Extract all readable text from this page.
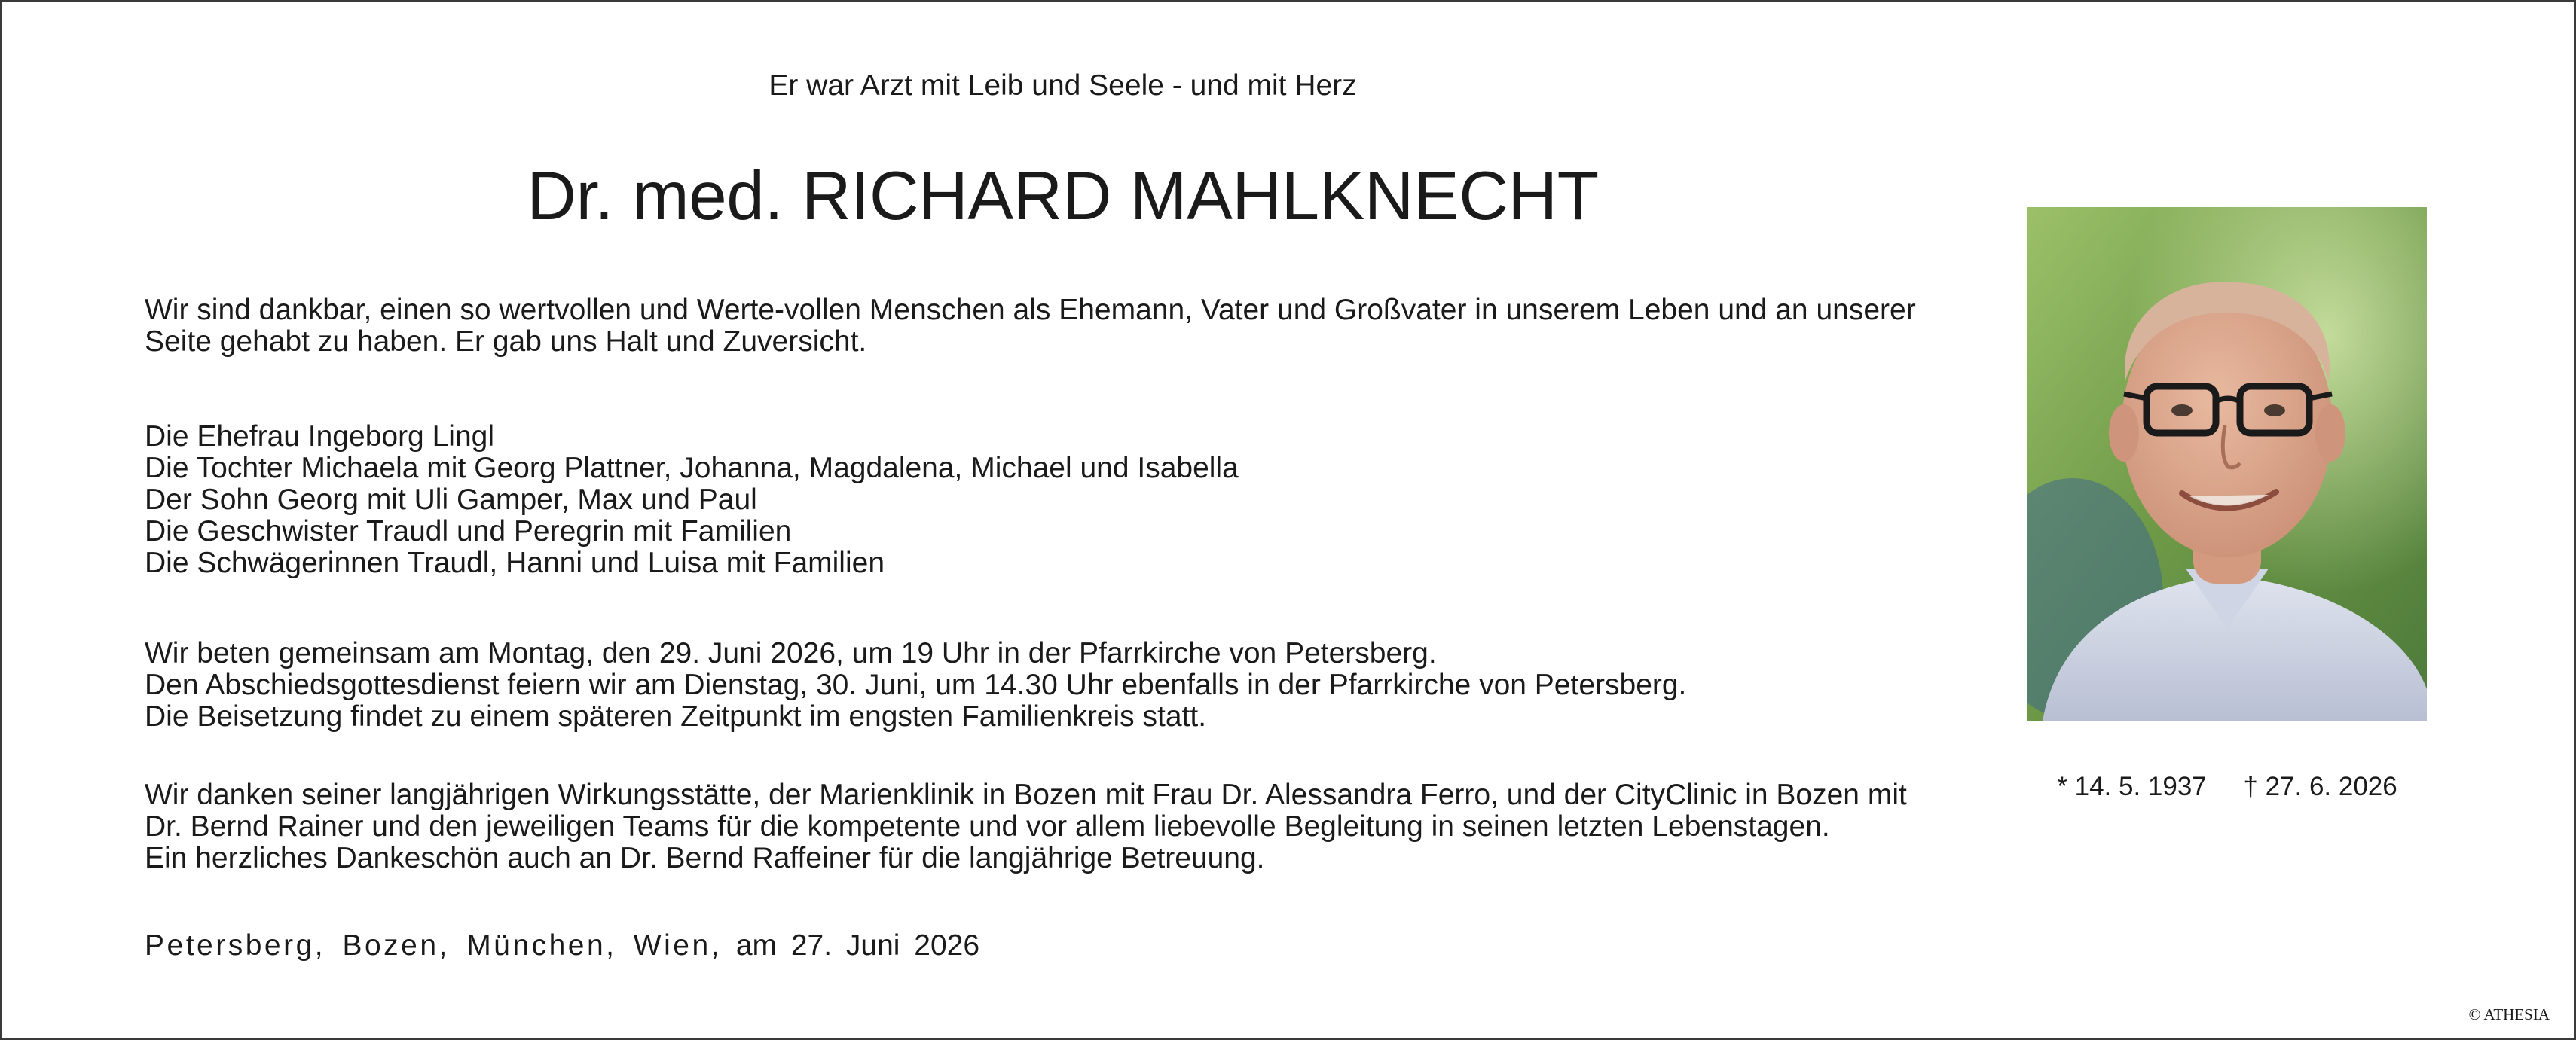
Er war Arzt mit Leib und Seele - und mit Herz

Dr. med. RICHARD MAHLKNECHT

Wir sind dankbar, einen so wertvollen und Werte-vollen Menschen als Ehemann, Vater und Großvater in unserem Leben und an unserer

Seite gehabt zu haben. Er gab uns Halt und Zuversicht.

Die Ehefrau Ingeborg Lingl

Die Tochter Michaela mit Georg Plattner, Johanna, Magdalena, Michael und Isabella

Der Sohn Georg mit Uli Gamper, Max und Paul

Die Geschwister Traudl und Peregrin mit Familien

Die Schwägerinnen Traudl, Hanni und Luisa mit Familien

Wir beten gemeinsam am Montag, den 29. Juni 2026, um 19 Uhr in der Pfarrkirche von Petersberg.

Den Abschiedsgottesdienst feiern wir am Dienstag, 30. Juni, um 14.30 Uhr ebenfalls in der Pfarrkirche von Petersberg.

Die Beisetzung findet zu einem späteren Zeitpunkt im engsten Familienkreis statt.

Wir danken seiner langjährigen Wirkungsstätte, der Marienklinik in Bozen mit Frau Dr. Alessandra Ferro, und der CityClinic in Bozen mit

Dr. Bernd Rainer und den jeweiligen Teams für die kompetente und vor allem liebevolle Begleitung in seinen letzten Lebenstagen.

Ein herzliches Dankeschön auch an Dr. Bernd Raffeiner für die langjährige Betreuung.

Petersberg, Bozen, München, Wien, am 27. Juni 2026

* 14. 5. 1937 † 27. 6. 2026

© ATHESIA
